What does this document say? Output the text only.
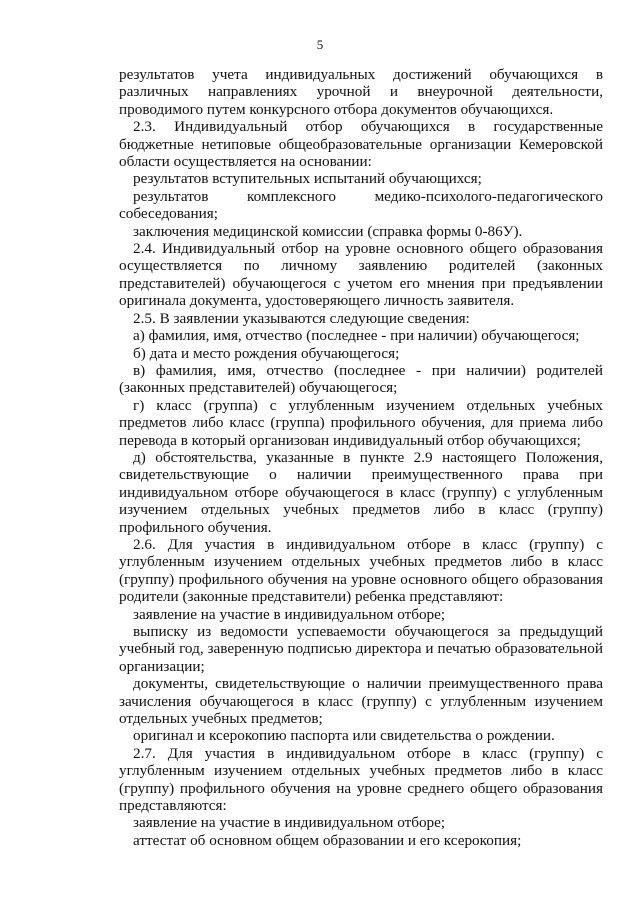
5

результатов учета индивидуальных достижений обучающихся в различных направлениях урочной и внеурочной деятельности, проводимого путем конкурсного отбора документов обучающихся.

2.3. Индивидуальный отбор обучающихся в государственные бюджетные нетиповые общеобразовательные организации Кемеровской области осуществляется на основании:

результатов вступительных испытаний обучающихся;

результатов комплексного медико-психолого-педагогического собеседования;

заключения медицинской комиссии (справка формы 0-86У).

2.4. Индивидуальный отбор на уровне основного общего образования осуществляется по личному заявлению родителей (законных представителей) обучающегося с учетом его мнения при предъявлении оригинала документа, удостоверяющего личность заявителя.

2.5. В заявлении указываются следующие сведения:

а) фамилия, имя, отчество (последнее - при наличии) обучающегося;

б) дата и место рождения обучающегося;

в) фамилия, имя, отчество (последнее - при наличии) родителей (законных представителей) обучающегося;

г) класс (группа) с углубленным изучением отдельных учебных предметов либо класс (группа) профильного обучения, для приема либо перевода в который организован индивидуальный отбор обучающихся;

д) обстоятельства, указанные в пункте 2.9 настоящего Положения, свидетельствующие о наличии преимущественного права при индивидуальном отборе обучающегося в класс (группу) с углубленным изучением отдельных учебных предметов либо в класс (группу) профильного обучения.

2.6. Для участия в индивидуальном отборе в класс (группу) с углубленным изучением отдельных учебных предметов либо в класс (группу) профильного обучения на уровне основного общего образования родители (законные представители) ребенка представляют:

заявление на участие в индивидуальном отборе;

выписку из ведомости успеваемости обучающегося за предыдущий учебный год, заверенную подписью директора и печатью образовательной организации;

документы, свидетельствующие о наличии преимущественного права зачисления обучающегося в класс (группу) с углубленным изучением отдельных учебных предметов;

оригинал и ксерокопию паспорта или свидетельства о рождении.

2.7. Для участия в индивидуальном отборе в класс (группу) с углубленным изучением отдельных учебных предметов либо в класс (группу) профильного обучения на уровне среднего общего образования представляются:

заявление на участие в индивидуальном отборе;

аттестат об основном общем образовании и его ксерокопия;
